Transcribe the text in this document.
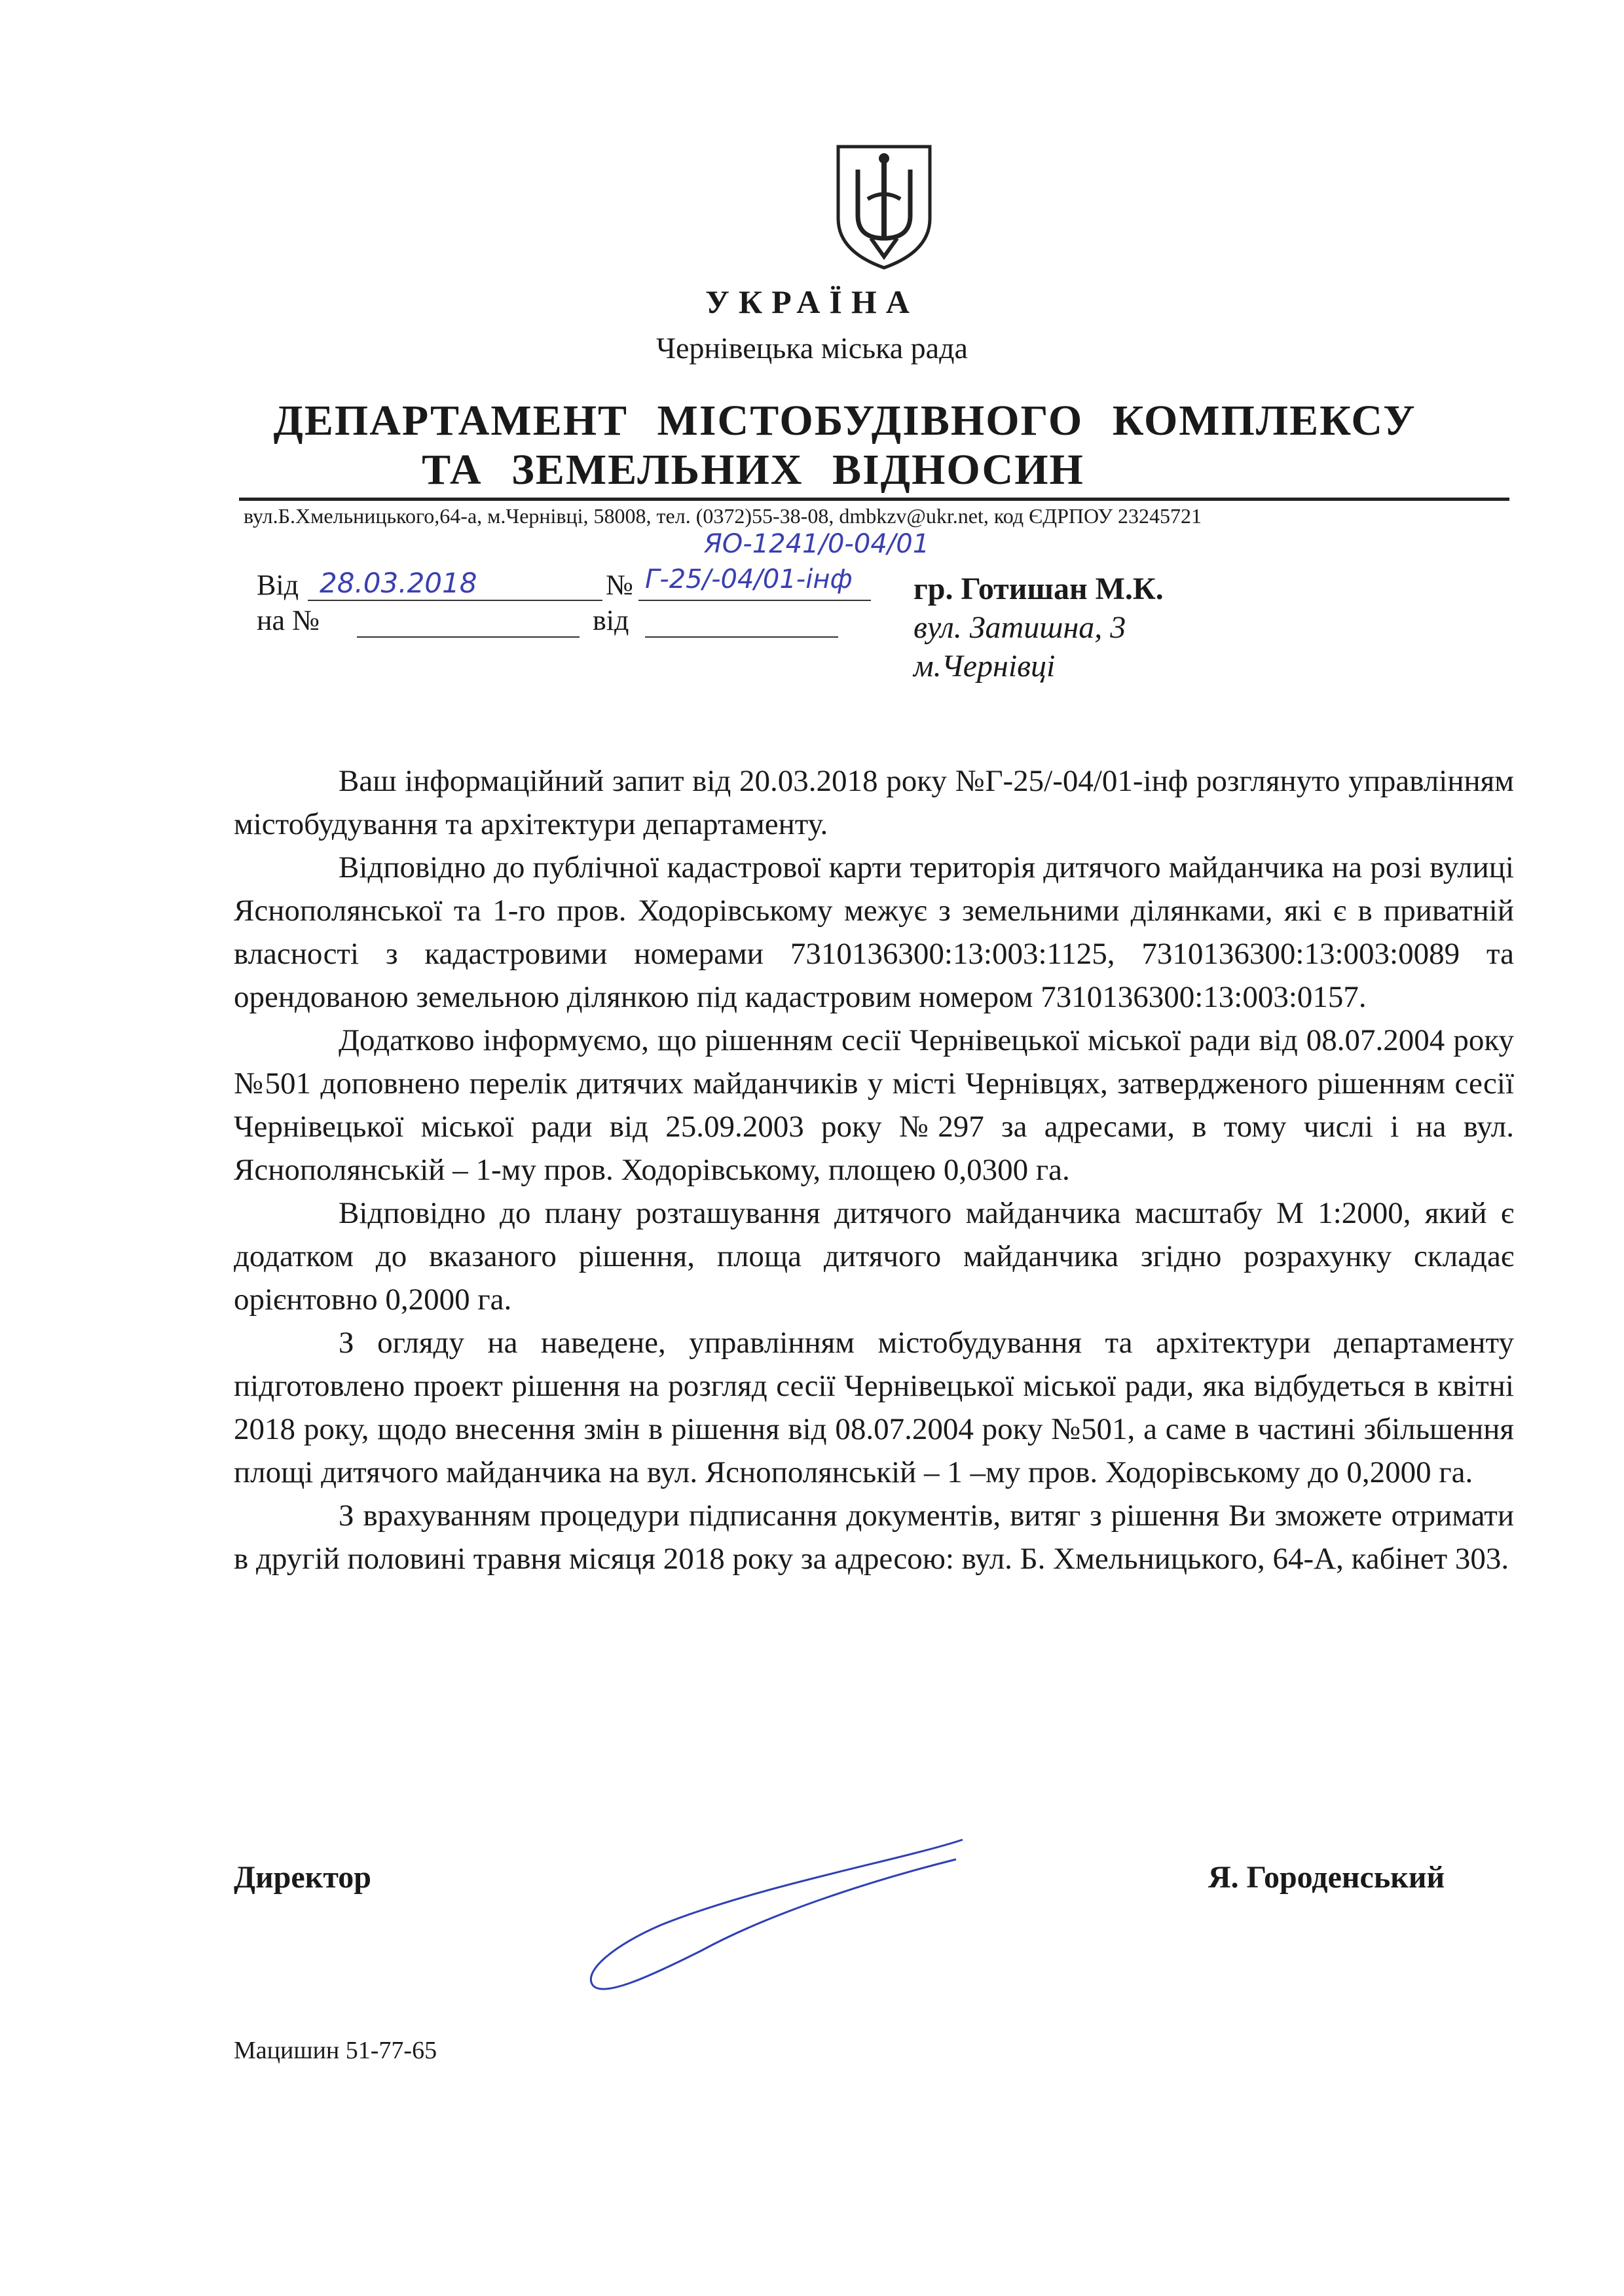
УКРАЇНА
Чернівецька міська рада
ДЕПАРТАМЕНТ МІСТОБУДІВНОГО КОМПЛЕКСУ
ТА ЗЕМЕЛЬНИХ ВІДНОСИН
вул.Б.Хмельницького,64-а, м.Чернівці, 58008, тел. (0372)55-38-08, dmbkzv@ukr.net, код ЄДРПОУ 23245721
ЯО-1241/0-04/01
Від 28.03.2018	№ Г-25/-04/01-інф
на №	від
гр. Готишан М.К.
вул. Затишна, 3
м.Чернівці

Ваш інформаційний запит від 20.03.2018 року №Г-25/-04/01-інф розглянуто управлінням містобудування та архітектури департаменту.

Відповідно до публічної кадастрової карти територія дитячого майданчика на розі вулиці Яснополянської та 1-го пров. Ходорівському межує з земельними ділянками, які є в приватній власності з кадастровими номерами 7310136300:13:003:1125, 7310136300:13:003:0089 та орендованою земельною ділянкою під кадастровим номером 7310136300:13:003:0157.

Додатково інформуємо, що рішенням сесії Чернівецької міської ради від 08.07.2004 року №501 доповнено перелік дитячих майданчиків у місті Чернівцях, затвердженого рішенням сесії Чернівецької міської ради від 25.09.2003 року №297 за адресами, в тому числі і на вул. Яснополянській – 1-му пров. Ходорівському, площею 0,0300 га.

Відповідно до плану розташування дитячого майданчика масштабу М 1:2000, який є додатком до вказаного рішення, площа дитячого майданчика згідно розрахунку складає орієнтовно 0,2000 га.

З огляду на наведене, управлінням містобудування та архітектури департаменту підготовлено проект рішення на розгляд сесії Чернівецької міської ради, яка відбудеться в квітні 2018 року, щодо внесення змін в рішення від 08.07.2004 року №501, а саме в частині збільшення площі дитячого майданчика на вул. Яснополянській – 1 –му пров. Ходорівському до 0,2000 га.

З врахуванням процедури підписання документів, витяг з рішення Ви зможете отримати в другій половині травня місяця 2018 року за адресою: вул. Б. Хмельницького, 64-А, кабінет 303.

Директор	Я. Городенський
Мацишин 51-77-65
